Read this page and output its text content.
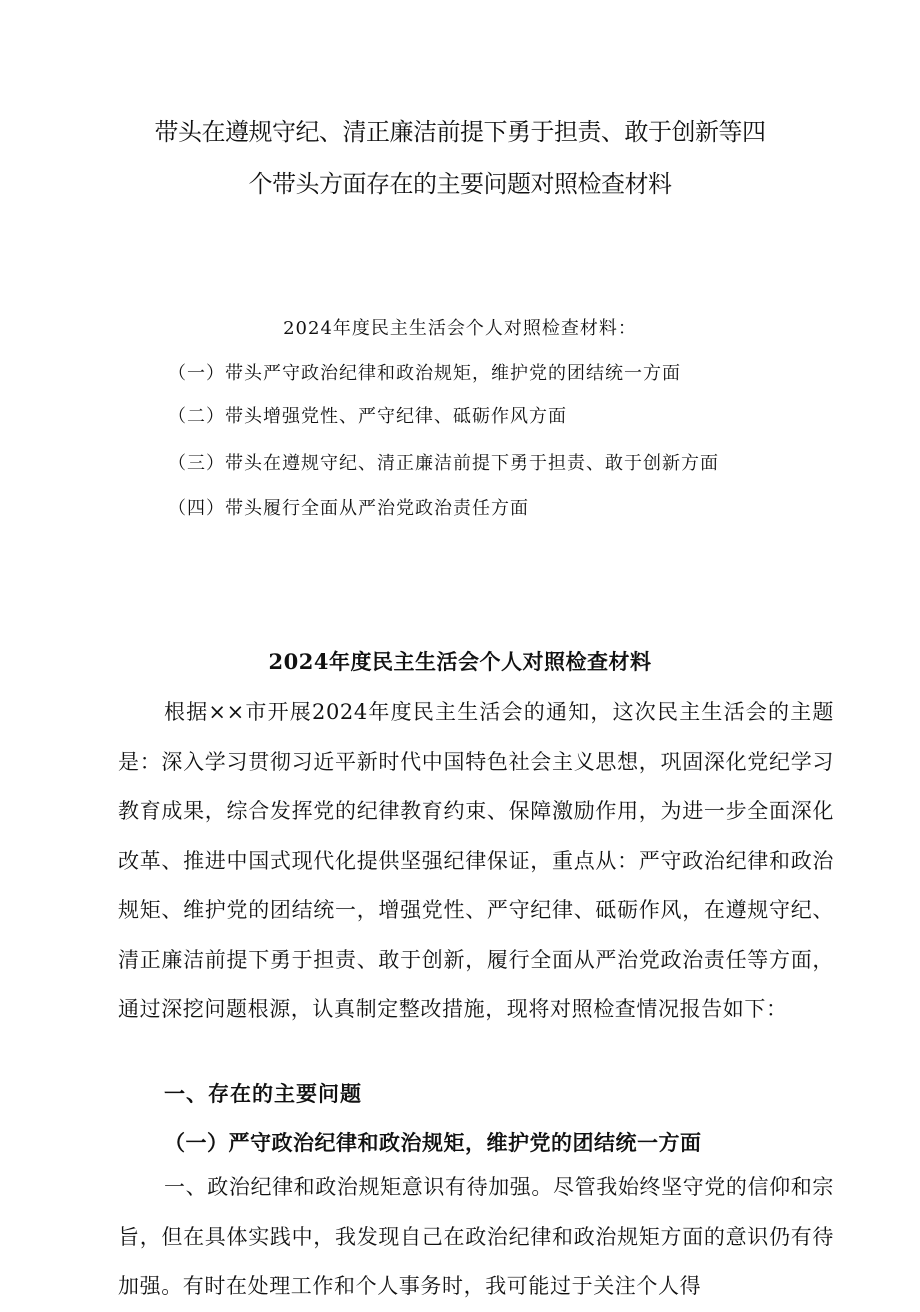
带头在遵规守纪、清正廉洁前提下勇于担责、敢于创新等四
个带头方面存在的主要问题对照检查材料
2024年度民主生活会个人对照检查材料：
（一）带头严守政治纪律和政治规矩，维护党的团结统一方面
（二）带头增强党性、严守纪律、砥砺作风方面
（三）带头在遵规守纪、清正廉洁前提下勇于担责、敢于创新方面
（四）带头履行全面从严治党政治责任方面
2024年度民主生活会个人对照检查材料

根据××市开展2024年度民主生活会的通知，这次民主生活会的主题是：深入学习贯彻习近平新时代中国特色社会主义思想，巩固深化党纪学习教育成果，综合发挥党的纪律教育约束、保障激励作用，为进一步全面深化改革、推进中国式现代化提供坚强纪律保证，重点从：严守政治纪律和政治规矩、维护党的团结统一，增强党性、严守纪律、砥砺作风，在遵规守纪、清正廉洁前提下勇于担责、敢于创新，履行全面从严治党政治责任等方面，通过深挖问题根源，认真制定整改措施，现将对照检查情况报告如下：

一、存在的主要问题
（一）严守政治纪律和政治规矩，维护党的团结统一方面

一、政治纪律和政治规矩意识有待加强。尽管我始终坚守党的信仰和宗旨，但在具体实践中，我发现自己在政治纪律和政治规矩方面的意识仍有待加强。有时在处理工作和个人事务时，我可能过于关注个人得
